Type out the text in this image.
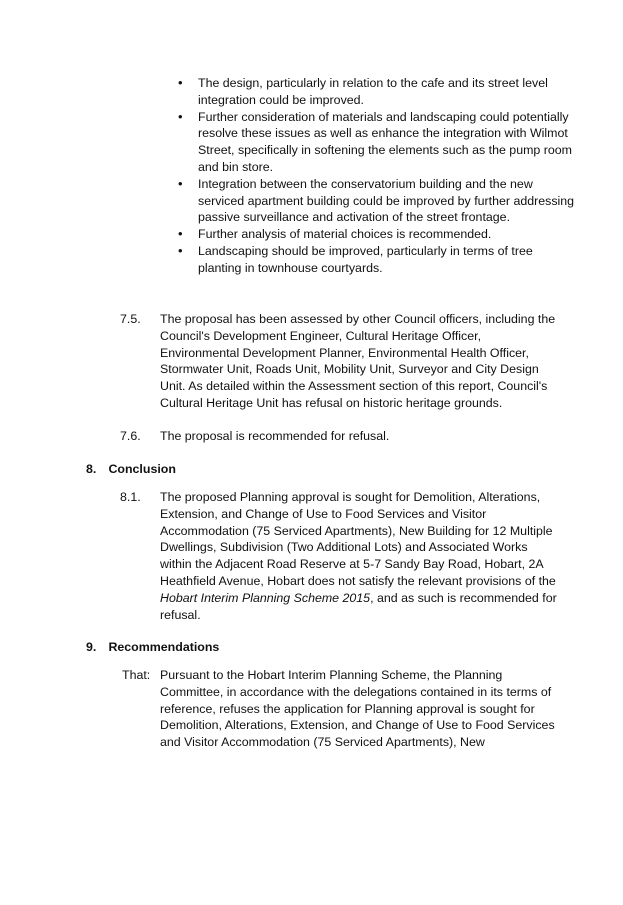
• The design, particularly in relation to the cafe and its street level integration could be improved.
• Further consideration of materials and landscaping could potentially resolve these issues as well as enhance the integration with Wilmot Street, specifically in softening the elements such as the pump room and bin store.
• Integration between the conservatorium building and the new serviced apartment building could be improved by further addressing passive surveillance and activation of the street frontage.
• Further analysis of material choices is recommended.
• Landscaping should be improved, particularly in terms of tree planting in townhouse courtyards.
7.5.	The proposal has been assessed by other Council officers, including the Council's Development Engineer, Cultural Heritage Officer, Environmental Development Planner, Environmental Health Officer, Stormwater Unit, Roads Unit, Mobility Unit, Surveyor and City Design Unit. As detailed within the Assessment section of this report, Council's Cultural Heritage Unit has refusal on historic heritage grounds.
7.6.	The proposal is recommended for refusal.
8. Conclusion
8.1.	The proposed Planning approval is sought for Demolition, Alterations, Extension, and Change of Use to Food Services and Visitor Accommodation (75 Serviced Apartments), New Building for 12 Multiple Dwellings, Subdivision (Two Additional Lots) and Associated Works within the Adjacent Road Reserve at 5-7 Sandy Bay Road, Hobart, 2A Heathfield Avenue, Hobart does not satisfy the relevant provisions of the Hobart Interim Planning Scheme 2015, and as such is recommended for refusal.
9. Recommendations
That: Pursuant to the Hobart Interim Planning Scheme, the Planning Committee, in accordance with the delegations contained in its terms of reference, refuses the application for Planning approval is sought for Demolition, Alterations, Extension, and Change of Use to Food Services and Visitor Accommodation (75 Serviced Apartments), New
